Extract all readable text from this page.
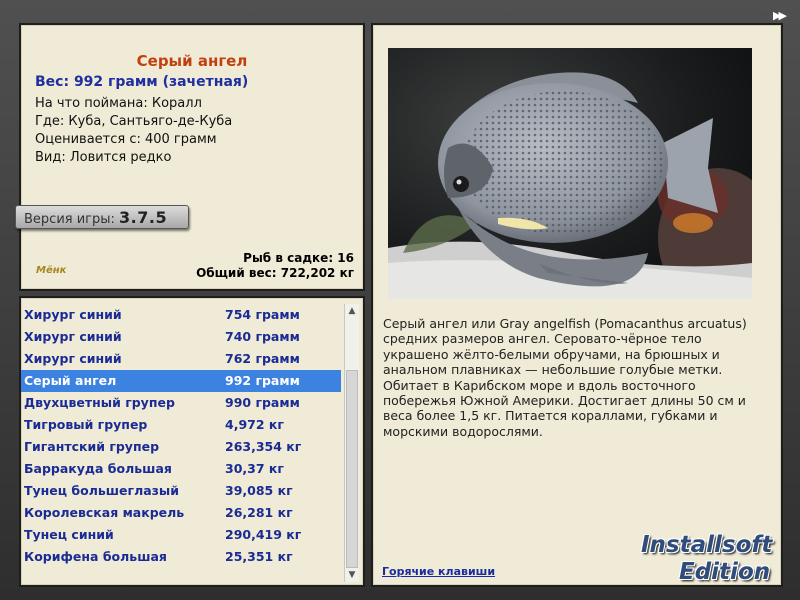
▶▶
Серый ангел
Вес: 992 грамм (зачетная)
На что поймана: Коралл
Где: Куба, Сантьяго-де-Куба
Оценивается с: 400 грамм
Вид: Ловится редко
Версия игры: 3.7.5
Мёнк
Рыб в садке: 16
Общий вес: 722,202 кг
Хирург синий	754 грамм
Хирург синий	740 грамм
Хирург синий	762 грамм
Серый ангел	992 грамм
Двухцветный групер	990 грамм
Тигровый групер	4,972 кг
Гигантский групер	263,354 кг
Барракуда большая	30,37 кг
Тунец большеглазый	39,085 кг
Королевская макрель	26,281 кг
Тунец синий	290,419 кг
Корифена большая	25,351 кг
▲
▼
Серый ангел или Gray angelfish (Pomacanthus arcuatus) средних размеров ангел. Серовато-чёрное тело украшено жёлто-белыми обручами, на брюшных и анальном плавниках — небольшие голубые метки. Обитает в Карибском море и вдоль восточного побережья Южной Америки. Достигает длины 50 см и веса более 1,5 кг. Питается кораллами, губками и морскими водорослями.
Горячие клавиши
Installsoft
Edition
